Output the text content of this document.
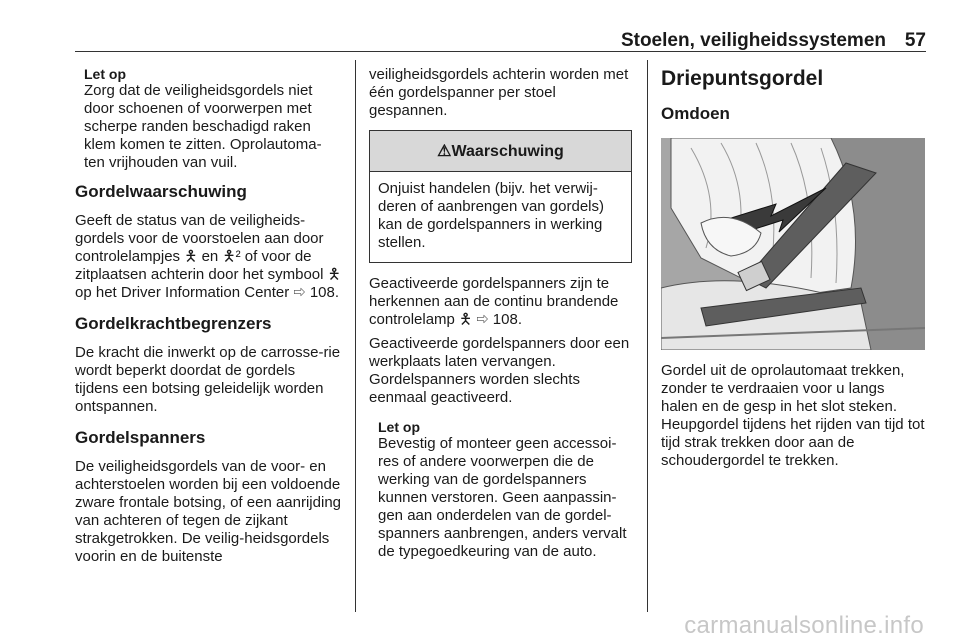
Stoelen, veiligheidssystemen 57

Let op

Zorg dat de veiligheidsgordels niet door schoenen of voorwerpen met scherpe randen beschadigd raken klem komen te zitten. Oprolautoma-ten vrijhouden van vuil.

Gordelwaarschuwing

Geeft de status van de veiligheids-gordels voor de voorstoelen aan door controlelampjes 🯅 en 🯅² of voor de zitplaatsen achterin door het symbool 🯅 op het Driver Information Center ⇨ 108.

Gordelkrachtbegrenzers

De kracht die inwerkt op de carrosse-rie wordt beperkt doordat de gordels tijdens een botsing geleidelijk worden ontspannen.

Gordelspanners

De veiligheidsgordels van de voor- en achterstoelen worden bij een voldoende zware frontale botsing, of een aanrijding van achteren of tegen de zijkant strakgetrokken. De veilig-heidsgordels voorin en de buitenste

veiligheidsgordels achterin worden met één gordelspanner per stoel gespannen.

⚠Waarschuwing

Onjuist handelen (bijv. het verwij-deren of aanbrengen van gordels) kan de gordelspanners in werking stellen.

Geactiveerde gordelspanners zijn te herkennen aan de continu brandende controlelamp 🯅 ⇨ 108.

Geactiveerde gordelspanners door een werkplaats laten vervangen. Gordelspanners worden slechts eenmaal geactiveerd.

Let op

Bevestig of monteer geen accessoi-res of andere voorwerpen die de werking van de gordelspanners kunnen verstoren. Geen aanpassin-gen aan onderdelen van de gordel-spanners aanbrengen, anders vervalt de typegoedkeuring van de auto.

Driepuntsgordel
Omdoen

Gordel uit de oprolautomaat trekken, zonder te verdraaien voor u langs halen en de gesp in het slot steken. Heupgordel tijdens het rijden van tijd tot tijd strak trekken door aan de schoudergordel te trekken.

carmanualsonline.info
